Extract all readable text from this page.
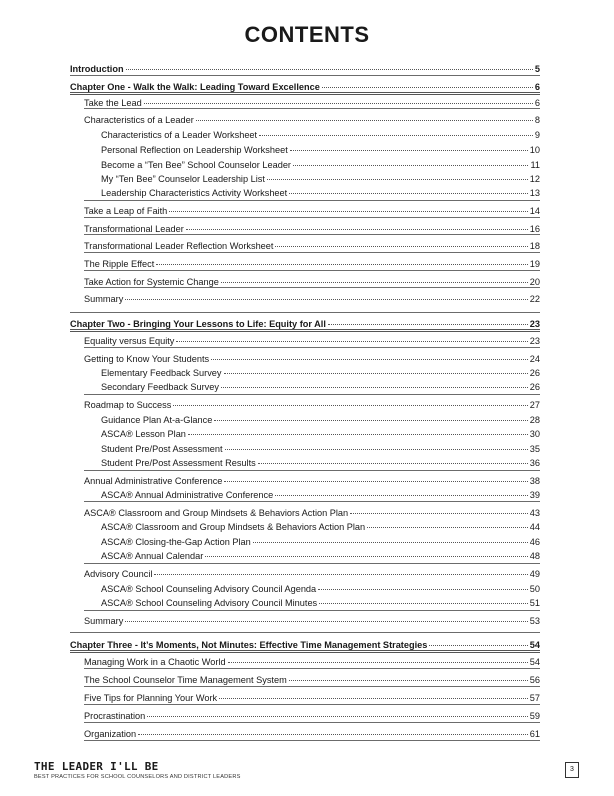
CONTENTS
Introduction	5
Chapter One - Walk the Walk: Leading Toward Excellence	6
Take the Lead	6
Characteristics of a Leader	8
Characteristics of a Leader Worksheet	9
Personal Reflection on Leadership Worksheet	10
Become a “Ten Bee” School Counselor Leader	11
My “Ten Bee” Counselor Leadership List	12
Leadership Characteristics Activity Worksheet	13
Take a Leap of Faith	14
Transformational Leader	16
Transformational Leader Reflection Worksheet	18
The Ripple Effect	19
Take Action for Systemic Change	20
Summary	22
Chapter Two - Bringing Your Lessons to Life: Equity for All	23
Equality versus Equity	23
Getting to Know Your Students	24
Elementary Feedback Survey	26
Secondary Feedback Survey	26
Roadmap to Success	27
Guidance Plan At-a-Glance	28
ASCA® Lesson Plan	30
Student Pre/Post Assessment	35
Student Pre/Post Assessment Results	36
Annual Administrative Conference	38
ASCA® Annual Administrative Conference	39
ASCA® Classroom and Group Mindsets & Behaviors Action Plan	43
ASCA® Classroom and Group Mindsets & Behaviors Action Plan	44
ASCA® Closing-the-Gap Action Plan	46
ASCA® Annual Calendar	48
Advisory Council	49
ASCA® School Counseling Advisory Council Agenda	50
ASCA® School Counseling Advisory Council Minutes	51
Summary	53
Chapter Three - It’s Moments, Not Minutes: Effective Time Management Strategies	54
Managing Work in a Chaotic World	54
The School Counselor Time Management System	56
Five Tips for Planning Your Work	57
Procrastination	59
Organization	61
THE LEADER I'LL BE
BEST PRACTICES FOR SCHOOL COUNSELORS AND DISTRICT LEADERS
3
